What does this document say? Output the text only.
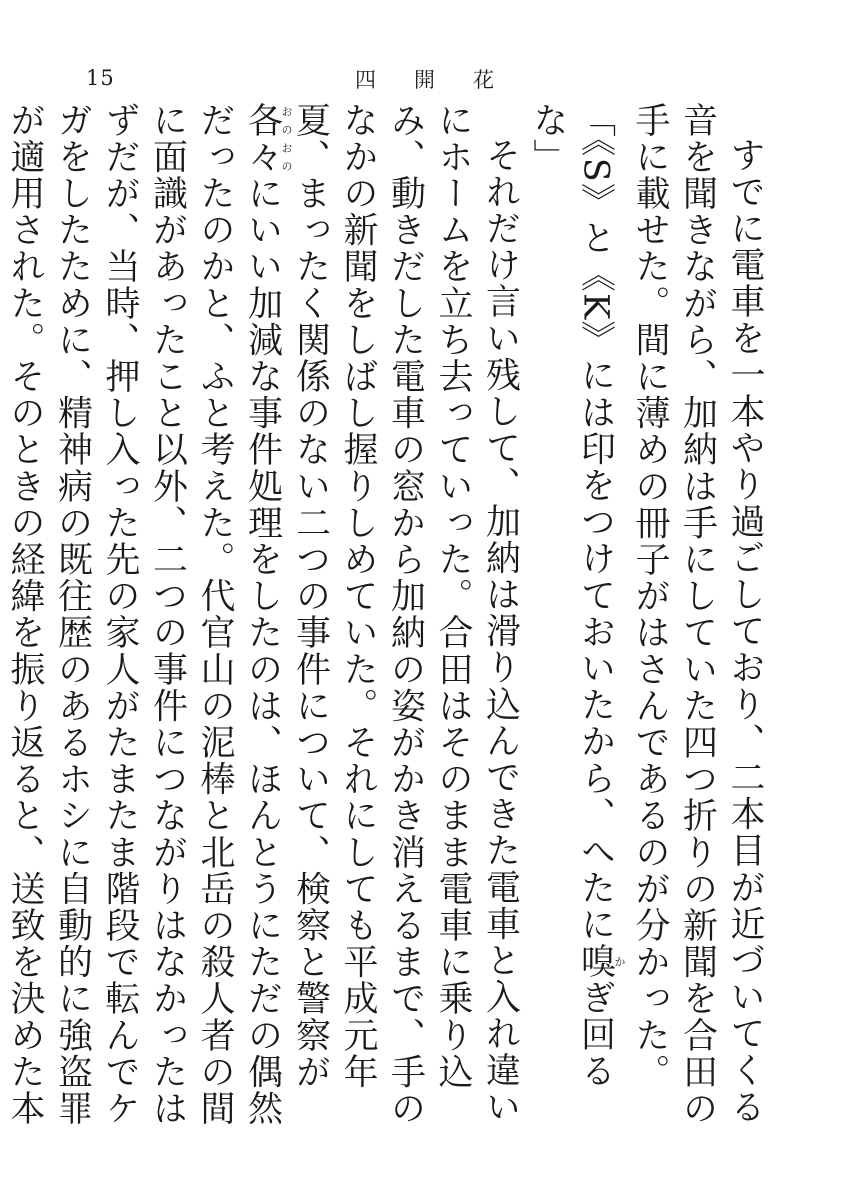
15	四開花

すでに電車を一本やり過ごしており、二本目が近づいてくる音を聞きながら、加納は手にしていた四つ折りの新聞を合田の手に載せた。間に薄めの冊子がはさんであるのが分かった。

「《S》と《K》には印をつけておいたから、へたに嗅かぎ回るな」

それだけ言い残して、加納は滑り込んできた電車と入れ違いにホームを立ち去っていった。合田はそのまま電車に乗り込み、動きだした電車の窓から加納の姿がかき消えるまで、手のなかの新聞をしばし握りしめていた。それにしても平成元年夏、まったく関係のない二つの事件について、検察と警察が各々おのおのにいい加減な事件処理をしたのは、ほんとうにただの偶然だったのかと、ふと考えた。代官山の泥棒と北岳の殺人者の間に面識があったこと以外、二つの事件につながりはなかったはずだが、当時、押し入った先の家人がたまたま階段で転んでケガをしたために、精神病の既往歴のあるホシに自動的に強盗罪が適用された。そのときの経緯を振り返ると、送致を決めた本
